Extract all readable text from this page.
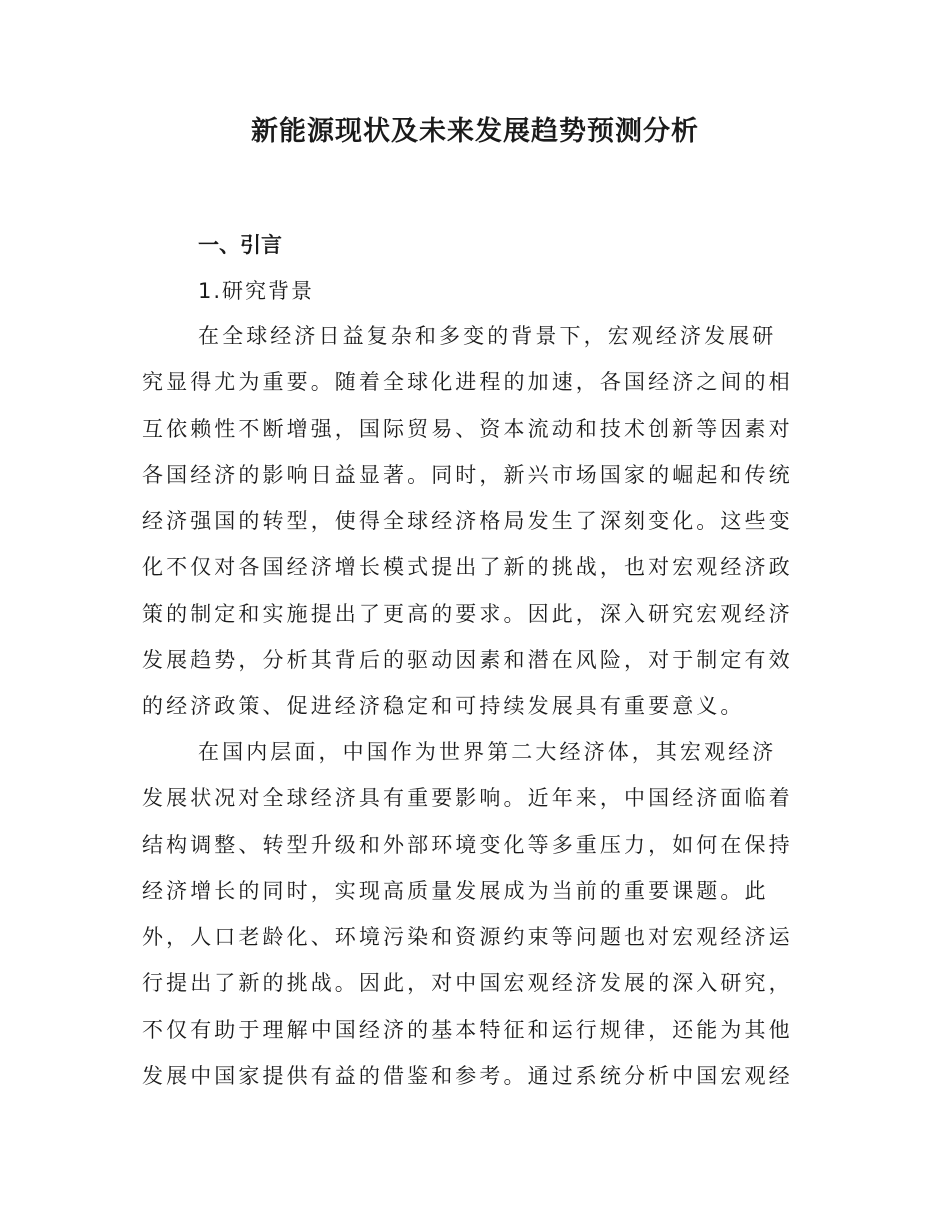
新能源现状及未来发展趋势预测分析
一、引言
1.研究背景
在全球经济日益复杂和多变的背景下，宏观经济发展研
究显得尤为重要。随着全球化进程的加速，各国经济之间的相
互依赖性不断增强，国际贸易、资本流动和技术创新等因素对
各国经济的影响日益显著。同时，新兴市场国家的崛起和传统
经济强国的转型，使得全球经济格局发生了深刻变化。这些变
化不仅对各国经济增长模式提出了新的挑战，也对宏观经济政
策的制定和实施提出了更高的要求。因此，深入研究宏观经济
发展趋势，分析其背后的驱动因素和潜在风险，对于制定有效
的经济政策、促进经济稳定和可持续发展具有重要意义。
在国内层面，中国作为世界第二大经济体，其宏观经济
发展状况对全球经济具有重要影响。近年来，中国经济面临着
结构调整、转型升级和外部环境变化等多重压力，如何在保持
经济增长的同时，实现高质量发展成为当前的重要课题。此
外，人口老龄化、环境污染和资源约束等问题也对宏观经济运
行提出了新的挑战。因此，对中国宏观经济发展的深入研究，
不仅有助于理解中国经济的基本特征和运行规律，还能为其他
发展中国家提供有益的借鉴和参考。通过系统分析中国宏观经
